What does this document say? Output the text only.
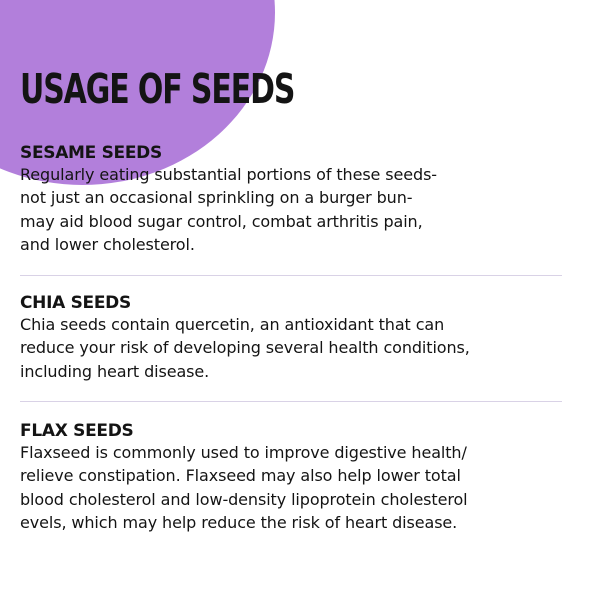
USAGE OF SEEDS
SESAME SEEDS
Regularly eating substantial portions of these seeds-
not just an occasional sprinkling on a burger bun-
may aid blood sugar control, combat arthritis pain,
and lower cholesterol.
CHIA SEEDS
Chia seeds contain quercetin, an antioxidant that can
reduce your risk of developing several health conditions,
including heart disease.
FLAX SEEDS
Flaxseed is commonly used to improve digestive health/
relieve constipation. Flaxseed may also help lower total
blood cholesterol and low-density lipoprotein cholesterol
evels, which may help reduce the risk of heart disease.
